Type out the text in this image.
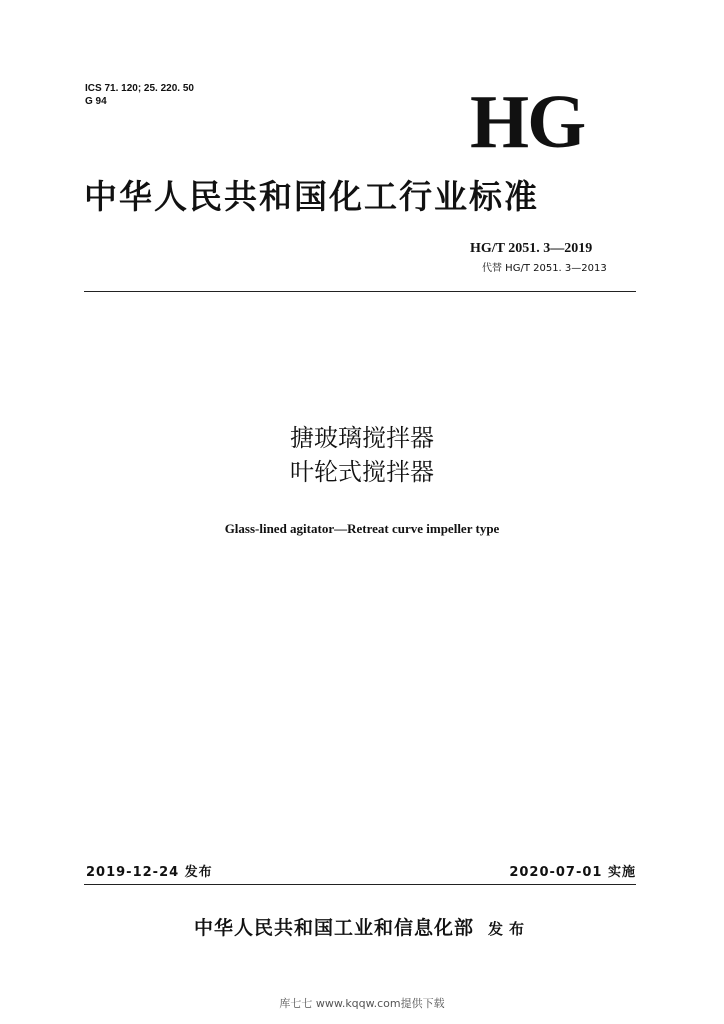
ICS 71. 120; 25. 220. 50
G 94	HG
中华人民共和国化工行业标准
HG/T 2051. 3—2019
代替 HG/T 2051. 3—2013
搪玻璃搅拌器
叶轮式搅拌器
Glass-lined agitator—Retreat curve impeller type
2019-12-24 发布	2020-07-01 实施
中华人民共和国工业和信息化部 发布
库七七 www.kqqw.com提供下载
